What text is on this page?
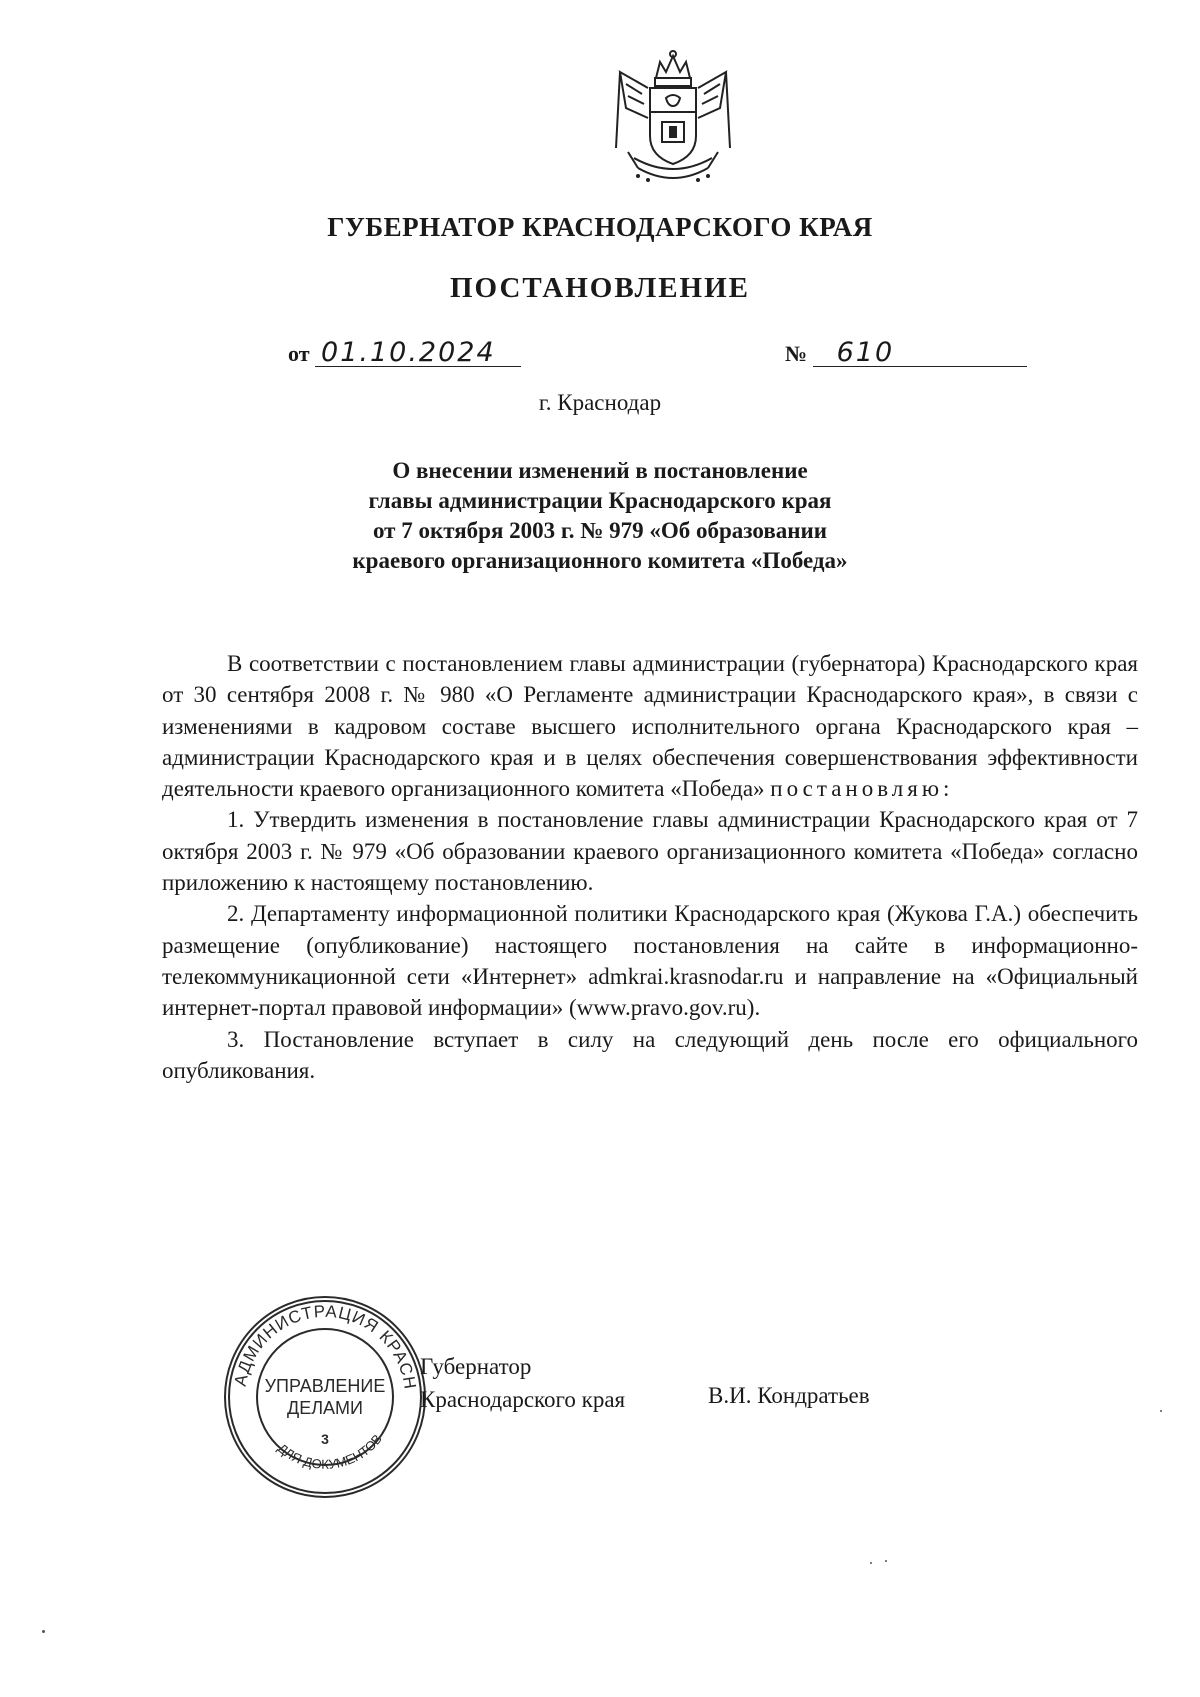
ГУБЕРНАТОР КРАСНОДАРСКОГО КРАЯ
ПОСТАНОВЛЕНИЕ
от 01.10.2024	№ 610
г. Краснодар
О внесении изменений в постановление
главы администрации Краснодарского края
от 7 октября 2003 г. № 979 «Об образовании
краевого организационного комитета «Победа»

В соответствии с постановлением главы администрации (губернатора) Краснодарского края от 30 сентября 2008 г. № 980 «О Регламенте администрации Краснодарского края», в связи с изменениями в кадровом составе высшего исполнительного органа Краснодарского края – администрации Краснодарского края и в целях обеспечения совершенствования эффективности деятельности краевого организационного комитета «Победа» постановляю:

1. Утвердить изменения в постановление главы администрации Краснодарского края от 7 октября 2003 г. № 979 «Об образовании краевого организационного комитета «Победа» согласно приложению к настоящему постановлению.

2. Департаменту информационной политики Краснодарского края (Жукова Г.А.) обеспечить размещение (опубликование) настоящего постановления на сайте в информационно-телекоммуникационной сети «Интернет» admkrai.krasnodar.ru и направление на «Официальный интернет-портал правовой информации» (www.pravo.gov.ru).

3. Постановление вступает в силу на следующий день после его официального опубликования.

АДМИНИСТРАЦИЯ КРАСН
УПРАВЛЕНИЕ
ДЕЛАМИ
3
ДЛЯ ДОКУМЕНТОВ
Губернатор
Краснодарского края	В.И. Кондратьев
